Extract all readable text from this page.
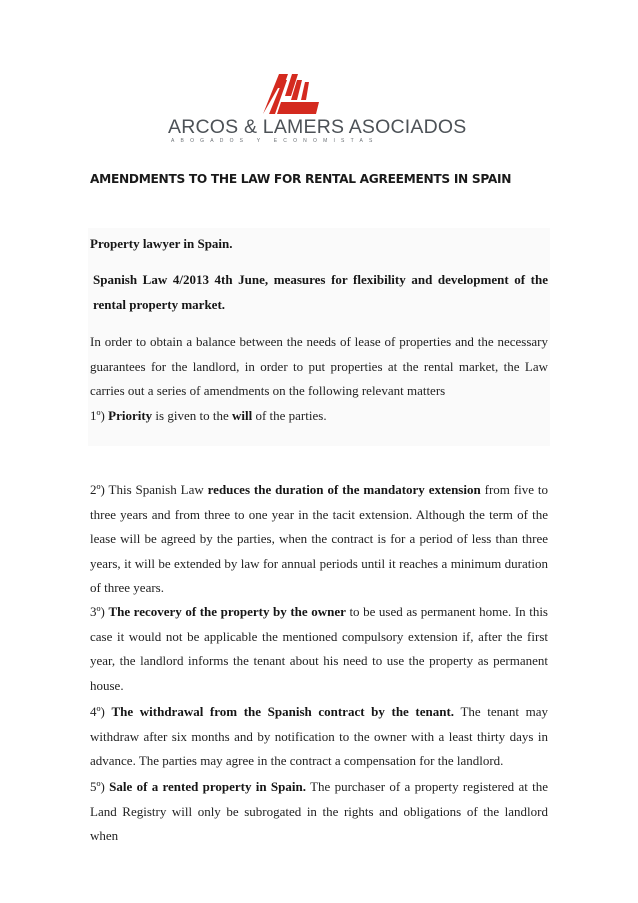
ARCOS & LAMERS ASOCIADOS
ABOGADOS Y ECONOMISTAS
AMENDMENTS TO THE LAW FOR RENTAL AGREEMENTS IN SPAIN

Property lawyer in Spain.

Spanish Law 4/2013 4th June, measures for flexibility and development of the rental property market.

In order to obtain a balance between the needs of lease of properties and the necessary guarantees for the landlord, in order to put properties at the rental market, the Law carries out a series of amendments on the following relevant matters

1º) Priority is given to the will of the parties.

2º) This Spanish Law reduces the duration of the mandatory extension from five to three years and from three to one year in the tacit extension. Although the term of the lease will be agreed by the parties, when the contract is for a period of less than three years, it will be extended by law for annual periods until it reaches a minimum duration of three years.

3º) The recovery of the property by the owner to be used as permanent home. In this case it would not be applicable the mentioned compulsory extension if, after the first year, the landlord informs the tenant about his need to use the property as permanent house.

4º) The withdrawal from the Spanish contract by the tenant. The tenant may withdraw after six months and by notification to the owner with a least thirty days in advance. The parties may agree in the contract a compensation for the landlord.

5º) Sale of a rented property in Spain. The purchaser of a property registered at the Land Registry will only be subrogated in the rights and obligations of the landlord when
